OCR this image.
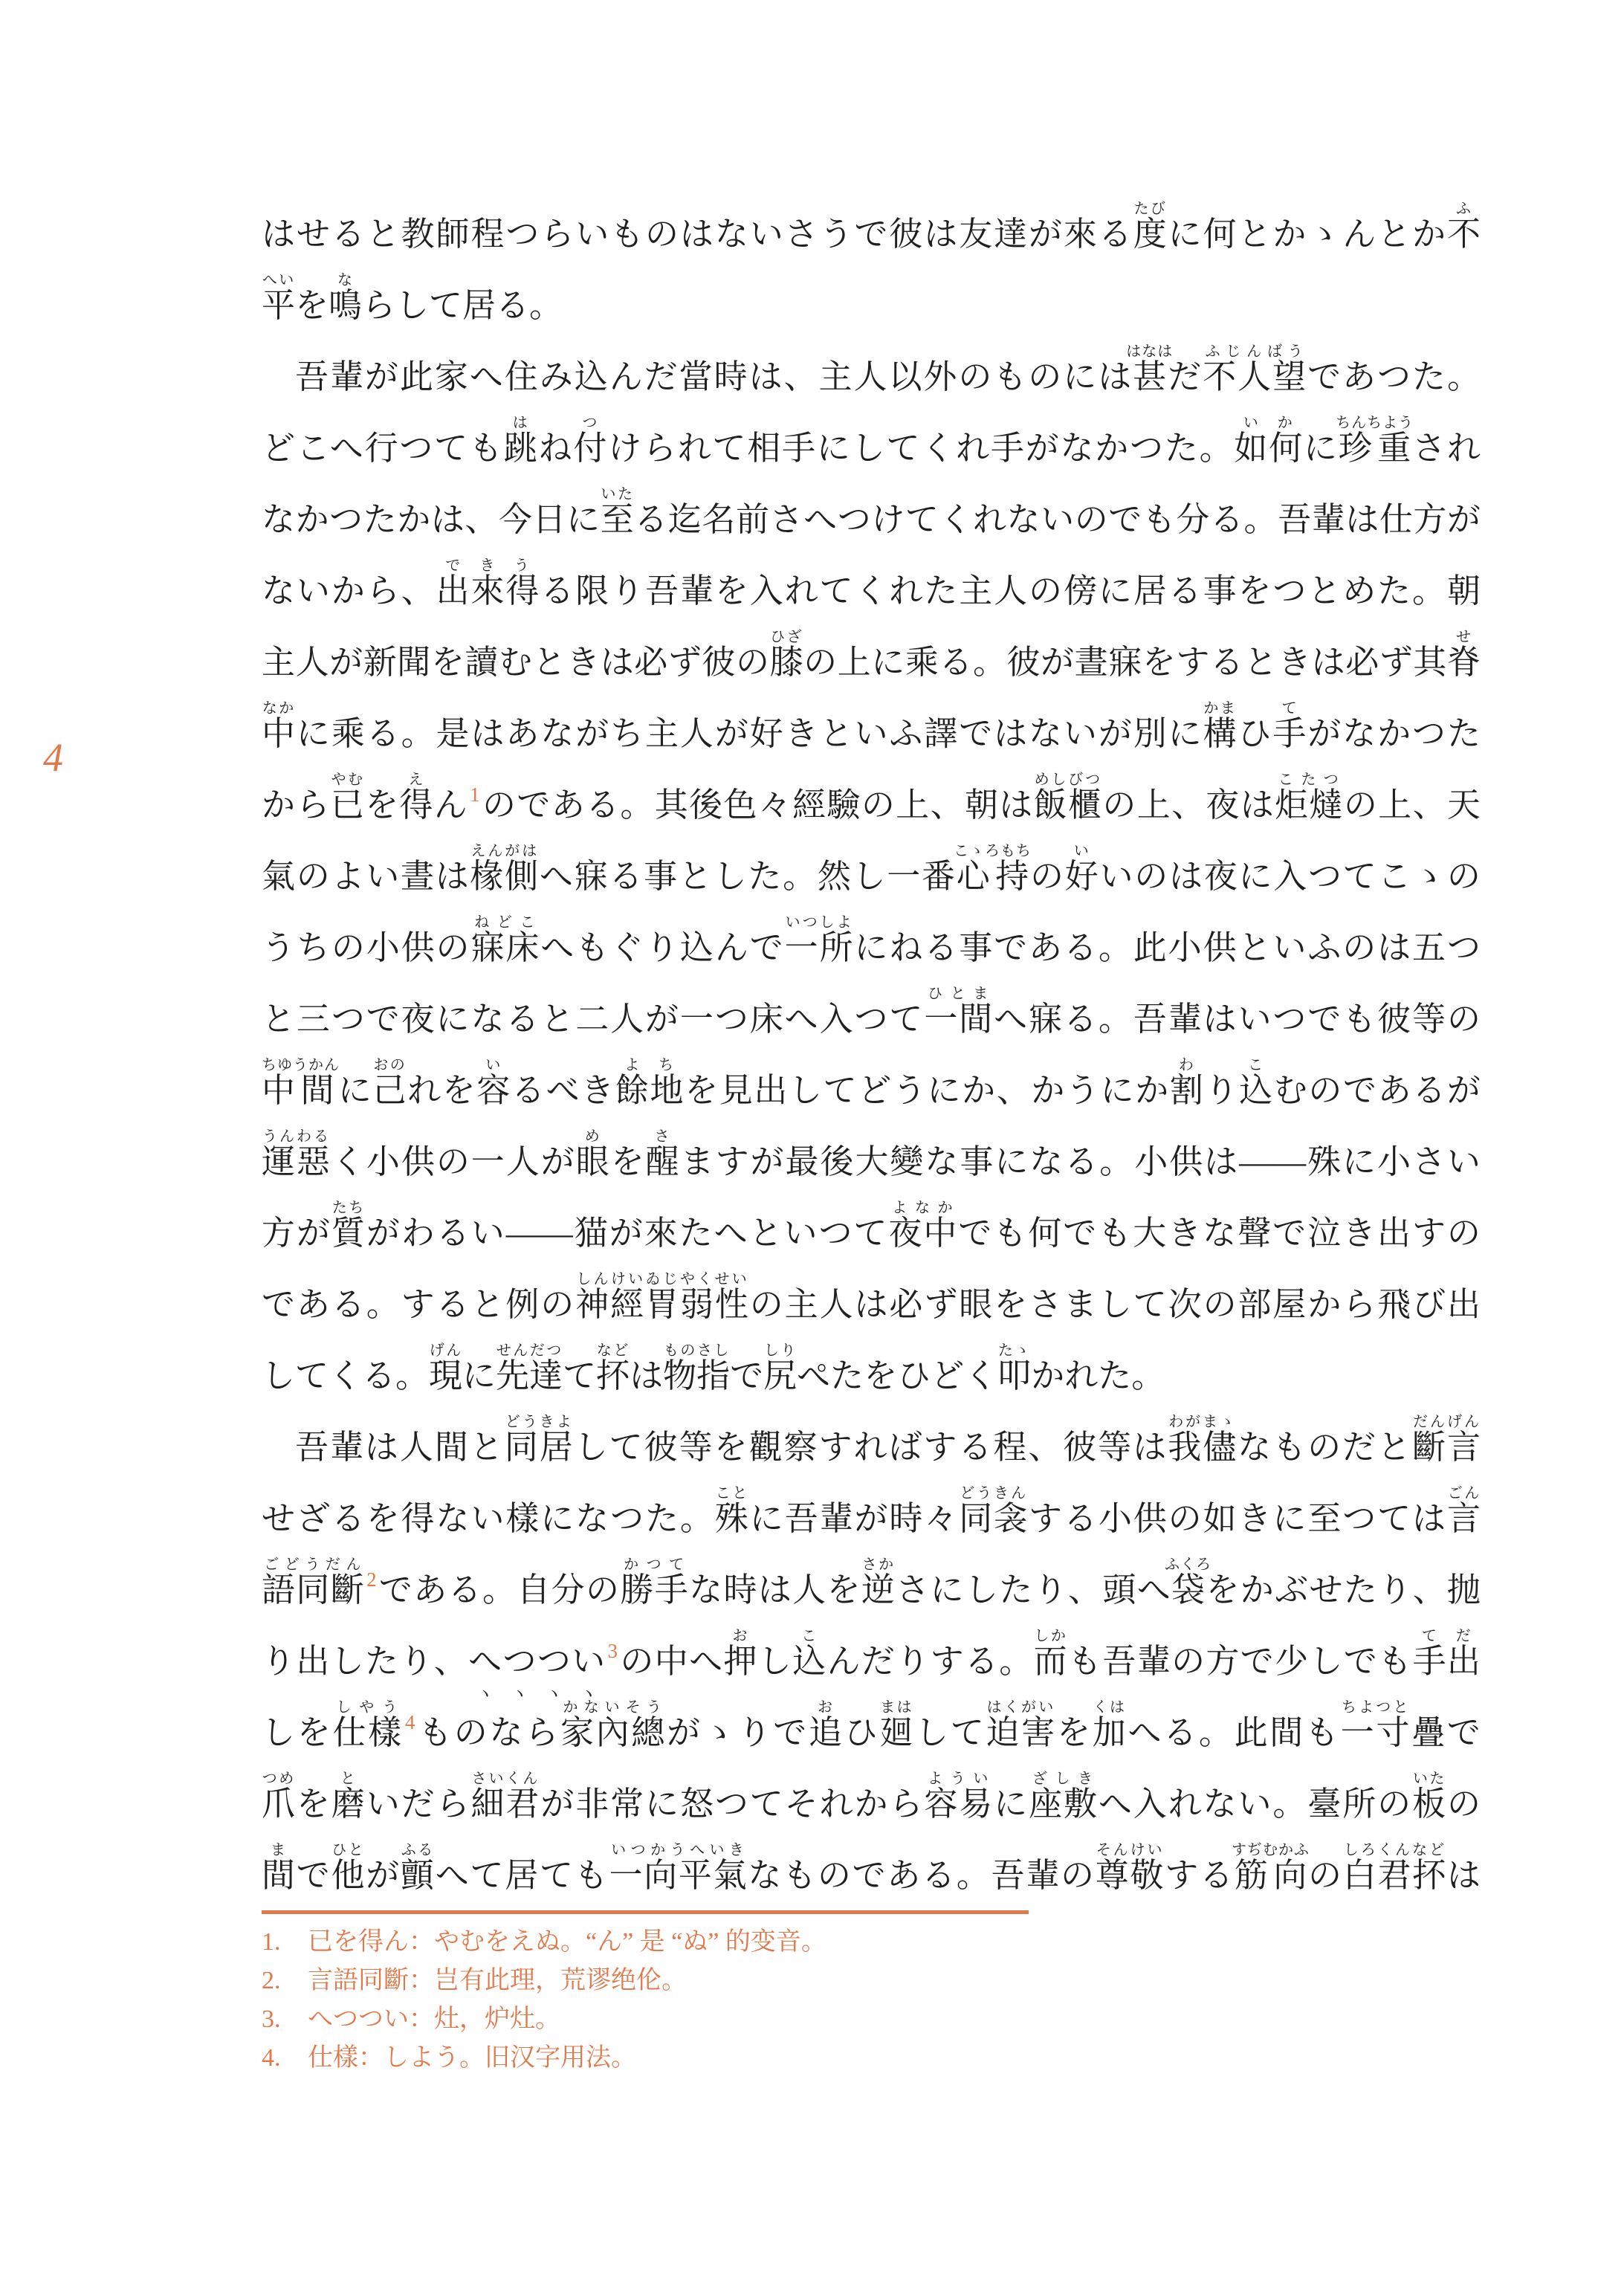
4
はせると教師程つらいものはないさうで彼は友達が來る度たびに何とかゝんとか不ふ
平へいを鳴ならして居る。
吾輩が此家へ住み込んだ當時は、主人以外のものには甚はなはだ不人望ふじんばうであつた。
どこへ行つても跳はね付つけられて相手にしてくれ手がなかつた。如何いかに珍重ちんちようされ
なかつたかは、今日に至いたる迄名前さへつけてくれないのでも分る。吾輩は仕方が
ないから、出來得できうる限り吾輩を入れてくれた主人の傍に居る事をつとめた。朝
主人が新聞を讀むときは必ず彼の膝ひざの上に乘る。彼が晝寐をするときは必ず其脊せ
中なかに乘る。是はあながち主人が好きといふ譯ではないが別に構かまひ手てがなかつた
から已やむを得えん$^1$のである。其後色々經驗の上、朝は飯櫃めしびつの上、夜は炬燵こたつの上、天
氣のよい晝は椽側えんがはへ寐る事とした。然し一番心持こゝろもちの好いいのは夜に入つてこゝの
うちの小供の寐床ねどこへもぐり込んで一所いつしよにねる事である。此小供といふのは五つ
と三つで夜になると二人が一つ床へ入つて一間ひとまへ寐る。吾輩はいつでも彼等の
中間ちゆうかんに己おのれを容いるべき餘地よちを見出してどうにか、かうにか割わり込こむのであるが
運惡うんわるく小供の一人が眼めを醒さますが最後大變な事になる。小供は——殊に小さい
方が質たちがわるい——猫が來たへといつて夜中よなかでも何でも大きな聲で泣き出すの
である。すると例の神經胃弱性しんけいゐじやくせいの主人は必ず眼をさまして次の部屋から飛び出
してくる。現げんに先達せんだつて抔などは物指ものさしで尻しりぺたをひどく叩たゝかれた。
吾輩は人間と同居どうきよして彼等を觀察すればする程、彼等は我儘わがまゝなものだと斷言だんげん
せざるを得ない樣になつた。殊ことに吾輩が時々同衾どうきんする小供の如きに至つては言ごん
語同斷ごどうだん$^2$である。自分の勝手かつてな時は人を逆さかさにしたり、頭へ袋ふくろをかぶせたり、抛
り出したり、へつつい$^3$の中へ押おし込こんだりする。而しかも吾輩の方で少しでも手出てだ
しを仕樣しやう$^4$ものなら家內總かないそうがゝりで追おひ廻まはして迫害はくがいを加くはへる。此間も一寸ちよつと疊で
爪つめを磨といだら細君さいくんが非常に怒つてそれから容易よういに座敷ざしきへ入れない。臺所の板いたの
間まで他ひとが顫ふるへて居ても一向平氣いつかうへいきなものである。吾輩の尊敬そんけいする筋向すぢむかふの白君抔しろくんなどは
1. 已を得ん：やむをえぬ。“ん” 是 “ぬ” 的变音。
2. 言語同斷：岂有此理，荒谬绝伦。
3. へつつい：灶，炉灶。
4. 仕樣：しよう。旧汉字用法。
